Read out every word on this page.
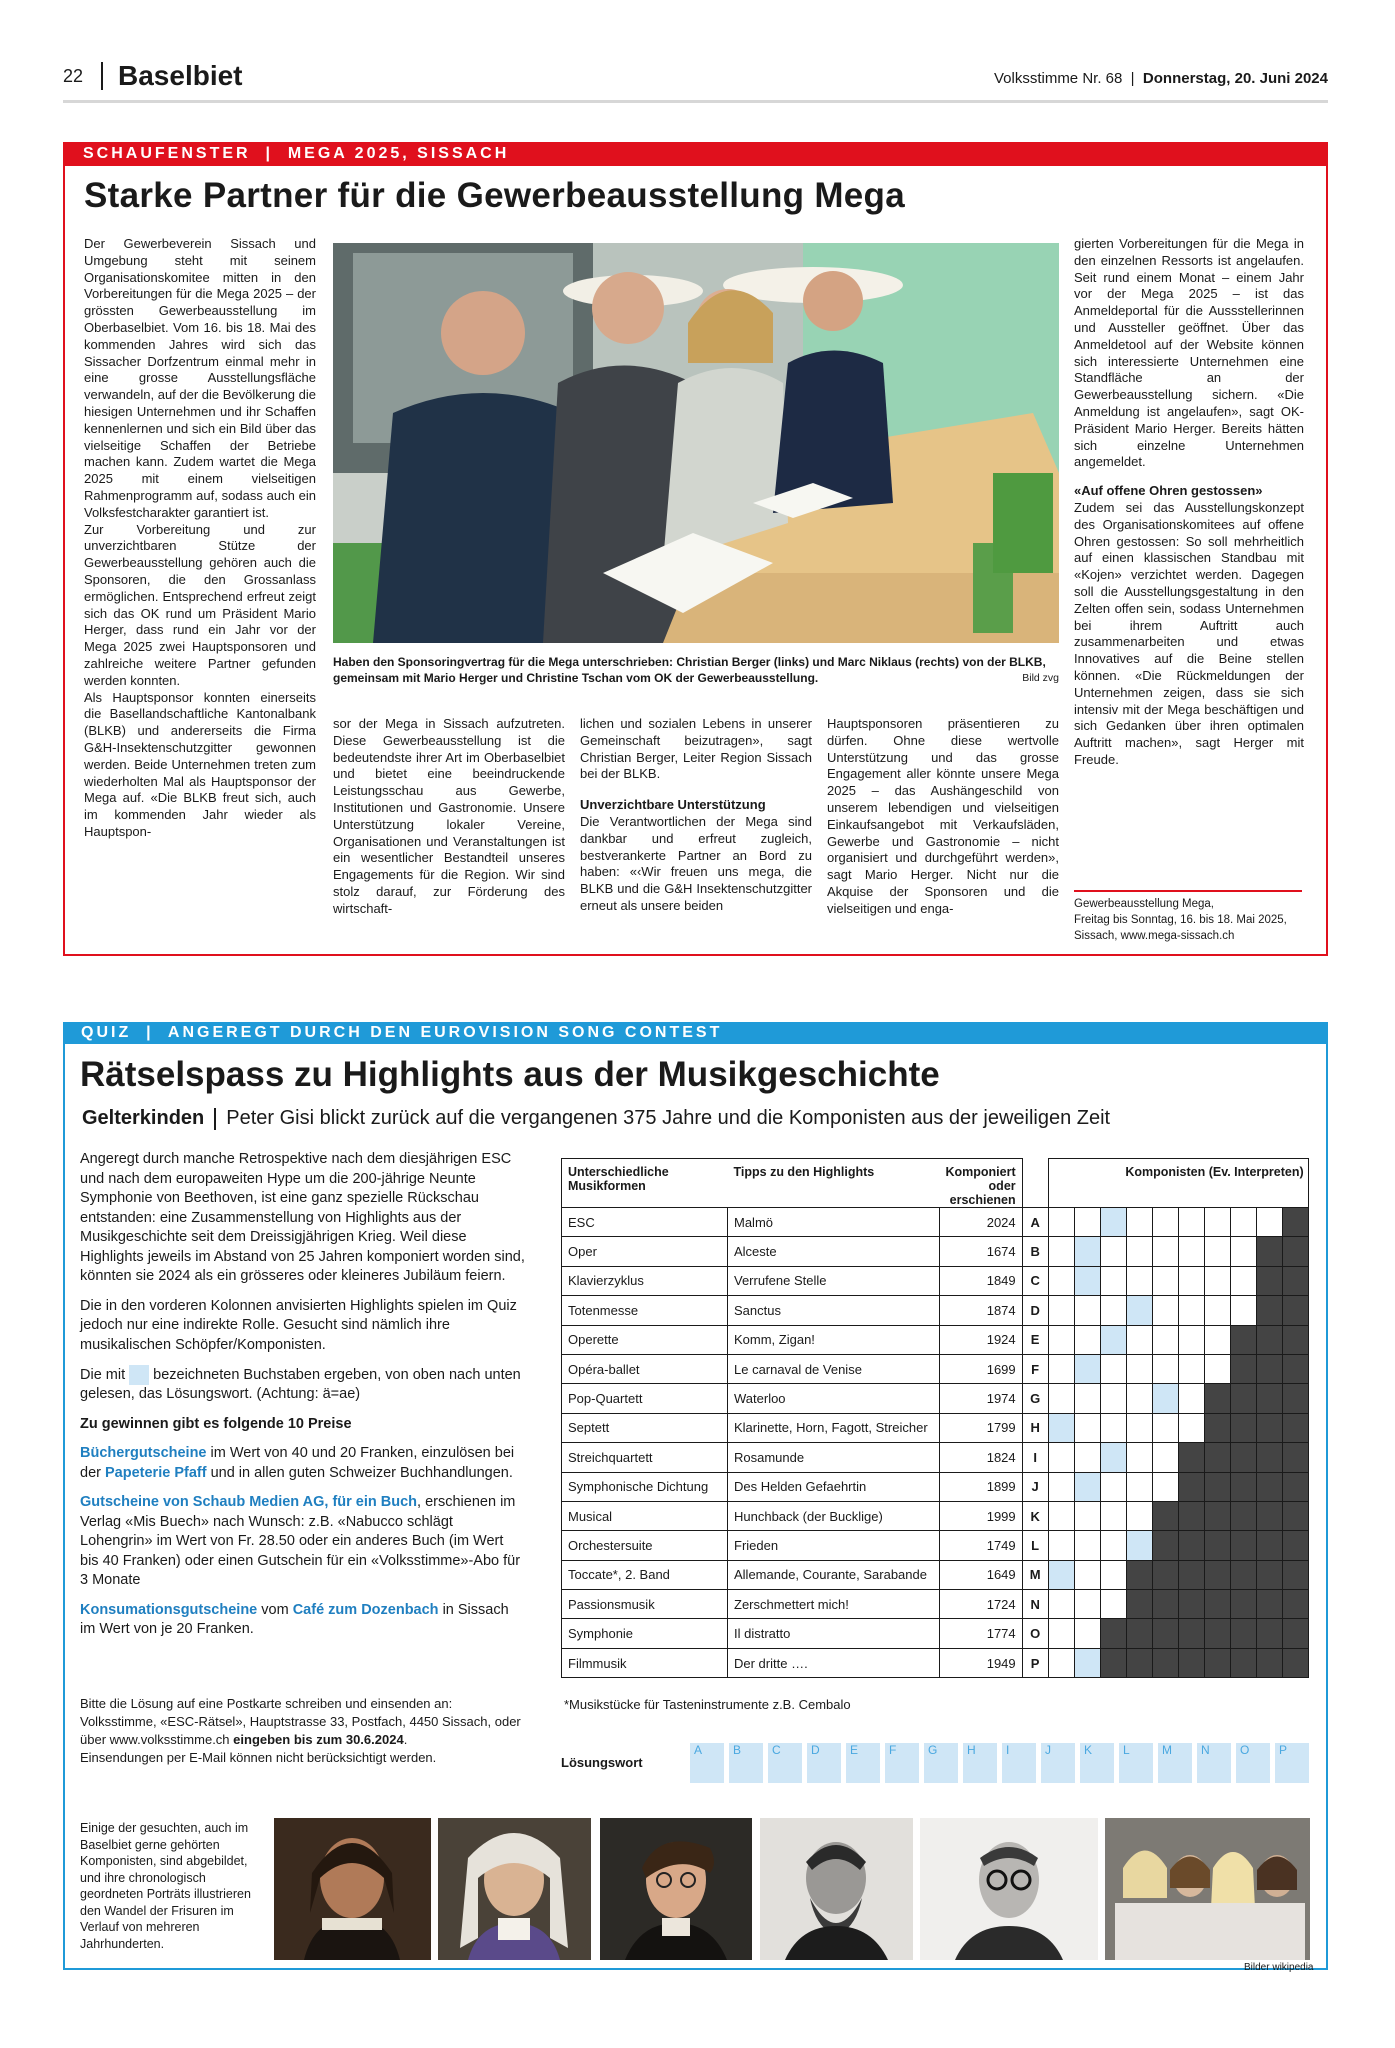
22 Baselbiet	Volksstimme Nr. 68  |  Donnerstag, 20. Juni 2024
SCHAUFENSTER  |  MEGA 2025, SISSACH
Starke Partner für die Gewerbeausstellung Mega

Der Gewerbeverein Sissach und Umgebung steht mit seinem Organisationskomitee mitten in den Vorbereitungen für die Mega 2025 – der grössten Gewerbeausstellung im Oberbaselbiet. Vom 16. bis 18. Mai des kommenden Jahres wird sich das Sissacher Dorfzentrum einmal mehr in eine grosse Ausstellungsfläche verwandeln, auf der die Bevölkerung die hiesigen Unternehmen und ihr Schaffen kennenlernen und sich ein Bild über das vielseitige Schaffen der Betriebe machen kann. Zudem wartet die Mega 2025 mit einem vielseitigen Rahmenprogramm auf, sodass auch ein Volksfestcharakter garantiert ist.

Zur Vorbereitung und zur unverzichtbaren Stütze der Gewerbeausstellung gehören auch die Sponsoren, die den Grossanlass ermöglichen. Entsprechend erfreut zeigt sich das OK rund um Präsident Mario Herger, dass rund ein Jahr vor der Mega 2025 zwei Hauptsponsoren und zahlreiche weitere Partner gefunden werden konnten.

Als Hauptsponsor konnten einerseits die Basellandschaftliche Kantonalbank (BLKB) und andererseits die Firma G&H-Insektenschutzgitter gewonnen werden. Beide Unternehmen treten zum wiederholten Mal als Hauptsponsor der Mega auf. «Die BLKB freut sich, auch im kommenden Jahr wieder als Hauptspon-

Haben den Sponsoringvertrag für die Mega unterschrieben: Christian Berger (links) und Marc Niklaus (rechts) von der BLKB, gemeinsam mit Mario Herger und Christine Tschan vom OK der Gewerbeausstellung.	Bild zvg

sor der Mega in Sissach aufzutreten. Diese Gewerbeausstellung ist die bedeutendste ihrer Art im Oberbaselbiet und bietet eine beeindruckende Leistungsschau aus Gewerbe, Institutionen und Gastronomie. Unsere Unterstützung lokaler Vereine, Organisationen und Veranstaltungen ist ein wesentlicher Bestandteil unseres Engagements für die Region. Wir sind stolz darauf, zur Förderung des wirtschaft-

lichen und sozialen Lebens in unserer Gemeinschaft beizutragen», sagt Christian Berger, Leiter Region Sissach bei der BLKB.

Unverzichtbare Unterstützung

Die Verantwortlichen der Mega sind dankbar und erfreut zugleich, bestverankerte Partner an Bord zu haben: «‹Wir freuen uns mega, die BLKB und die G&H Insektenschutzgitter erneut als unsere beiden

Hauptsponsoren präsentieren zu dürfen. Ohne diese wertvolle Unterstützung und das grosse Engagement aller könnte unsere Mega 2025 – das Aushängeschild von unserem lebendigen und vielseitigen Einkaufsangebot mit Verkaufsläden, Gewerbe und Gastronomie – nicht organisiert und durchgeführt werden», sagt Mario Herger. Nicht nur die Akquise der Sponsoren und die vielseitigen und enga-

gierten Vorbereitungen für die Mega in den einzelnen Ressorts ist angelaufen. Seit rund einem Monat – einem Jahr vor der Mega 2025 – ist das Anmeldeportal für die Aussstellerinnen und Aussteller geöffnet. Über das Anmeldetool auf der Website können sich interessierte Unternehmen eine Standfläche an der Gewerbeausstellung sichern. «Die Anmeldung ist angelaufen», sagt OK-Präsident Mario Herger. Bereits hätten sich einzelne Unternehmen angemeldet.

«Auf offene Ohren gestossen»

Zudem sei das Ausstellungskonzept des Organisationskomitees auf offene Ohren gestossen: So soll mehrheitlich auf einen klassischen Standbau mit «Kojen» verzichtet werden. Dagegen soll die Ausstellungsgestaltung in den Zelten offen sein, sodass Unternehmen bei ihrem Auftritt auch zusammenarbeiten und etwas Innovatives auf die Beine stellen können. «Die Rückmeldungen der Unternehmen zeigen, dass sie sich intensiv mit der Mega beschäftigen und sich Gedanken über ihren optimalen Auftritt machen», sagt Herger mit Freude.

Gewerbeausstellung Mega,
Freitag bis Sonntag, 16. bis 18. Mai 2025,
Sissach, www.mega-sissach.ch
QUIZ  |  ANGEREGT DURCH DEN EUROVISION SONG CONTEST
Rätselspass zu Highlights aus der Musikgeschichte
Gelterkinden Peter Gisi blickt zurück auf die vergangenen 375 Jahre und die Komponisten aus der jeweiligen Zeit

Angeregt durch manche Retrospektive nach dem diesjährigen ESC und nach dem europaweiten Hype um die 200-jährige Neunte Symphonie von Beethoven, ist eine ganz spezielle Rückschau entstanden: eine Zusammenstellung von Highlights aus der Musikgeschichte seit dem Dreissigjährigen Krieg. Weil diese Highlights jeweils im Abstand von 25 Jahren komponiert worden sind, könnten sie 2024 als ein grösseres oder kleineres Jubiläum feiern.

Die in den vorderen Kolonnen anvisierten Highlights spielen im Quiz jedoch nur eine indirekte Rolle. Gesucht sind nämlich ihre musikalischen Schöpfer/Komponisten.

Die mit bezeichneten Buchstaben ergeben, von oben nach unten gelesen, das Lösungswort. (Achtung: ä=ae)

Zu gewinnen gibt es folgende 10 Preise

Büchergutscheine im Wert von 40 und 20 Franken, einzulösen bei der Papeterie Pfaff und in allen guten Schweizer Buchhandlungen.

Gutscheine von Schaub Medien AG, für ein Buch, erschienen im Verlag «Mis Buech» nach Wunsch: z.B. «Nabucco schlägt Lohengrin» im Wert von Fr. 28.50 oder ein anderes Buch (im Wert bis 40 Franken) oder einen Gutschein für ein «Volksstimme»-Abo für 3 Monate

Konsumationsgutscheine vom Café zum Dozenbach in Sissach im Wert von je 20 Franken.

Bitte die Lösung auf eine Postkarte schreiben und einsenden an: Volksstimme, «ESC-Rätsel», Hauptstrasse 33, Postfach, 4450 Sissach, oder über www.volksstimme.ch eingeben bis zum 30.6.2024.
Einsendungen per E-Mail können nicht berücksichtigt werden.
Unterschiedliche Musikformen	Tipps zu den Highlights	Komponiert oder erschienen		Komponisten (Ev. Interpreten)									
ESC	Malmö	2024	A										
Oper	Alceste	1674	B										
Klavierzyklus	Verrufene Stelle	1849	C										
Totenmesse	Sanctus	1874	D										
Operette	Komm, Zigan!	1924	E										
Opéra-ballet	Le carnaval de Venise	1699	F										
Pop-Quartett	Waterloo	1974	G										
Septett	Klarinette, Horn, Fagott, Streicher	1799	H										
Streichquartett	Rosamunde	1824	I										
Symphonische Dichtung	Des Helden Gefaehrtin	1899	J										
Musical	Hunchback (der Bucklige)	1999	K										
Orchestersuite	Frieden	1749	L										
Toccate*, 2. Band	Allemande, Courante, Sarabande	1649	M										
Passionsmusik	Zerschmettert mich!	1724	N										
Symphonie	Il distratto	1774	O										
Filmmusik	Der dritte ….	1949	P										
*Musikstücke für Tasteninstrumente z.B. Cembalo
Lösungswort
A	B	C	D	E	F	G	H	I	J	K	L	M	N	O	P
Einige der gesuchten, auch im Baselbiet gerne gehörten Komponisten, sind abgebildet, und ihre chronologisch geordneten Porträts illustrieren den Wandel der Frisuren im Verlauf von mehreren Jahrhunderten.
Bilder wikipedia
